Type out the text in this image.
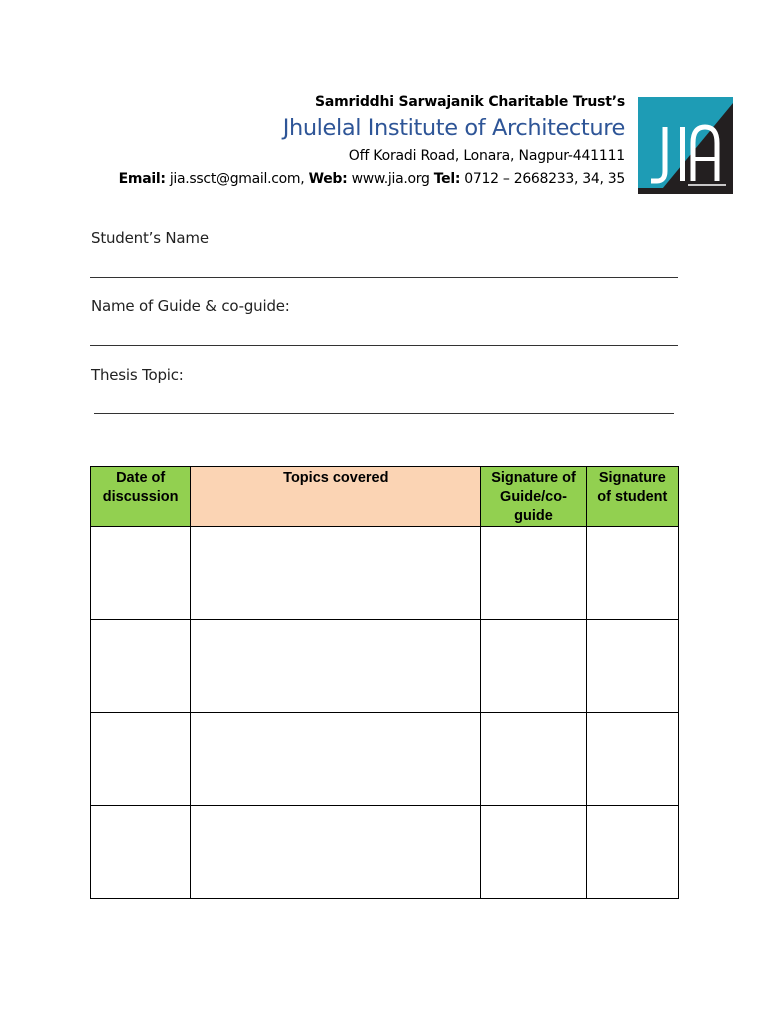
Samriddhi Sarwajanik Charitable Trust’s
Jhulelal Institute of Architecture
Off Koradi Road, Lonara, Nagpur-441111
Email: jia.ssct@gmail.com, Web: www.jia.org Tel: 0712 – 2668233, 34, 35
Student’s Name
Name of Guide & co-guide:
Thesis Topic:
Date of discussion	Topics covered	Signature of Guide/co-guide	Signature of student
